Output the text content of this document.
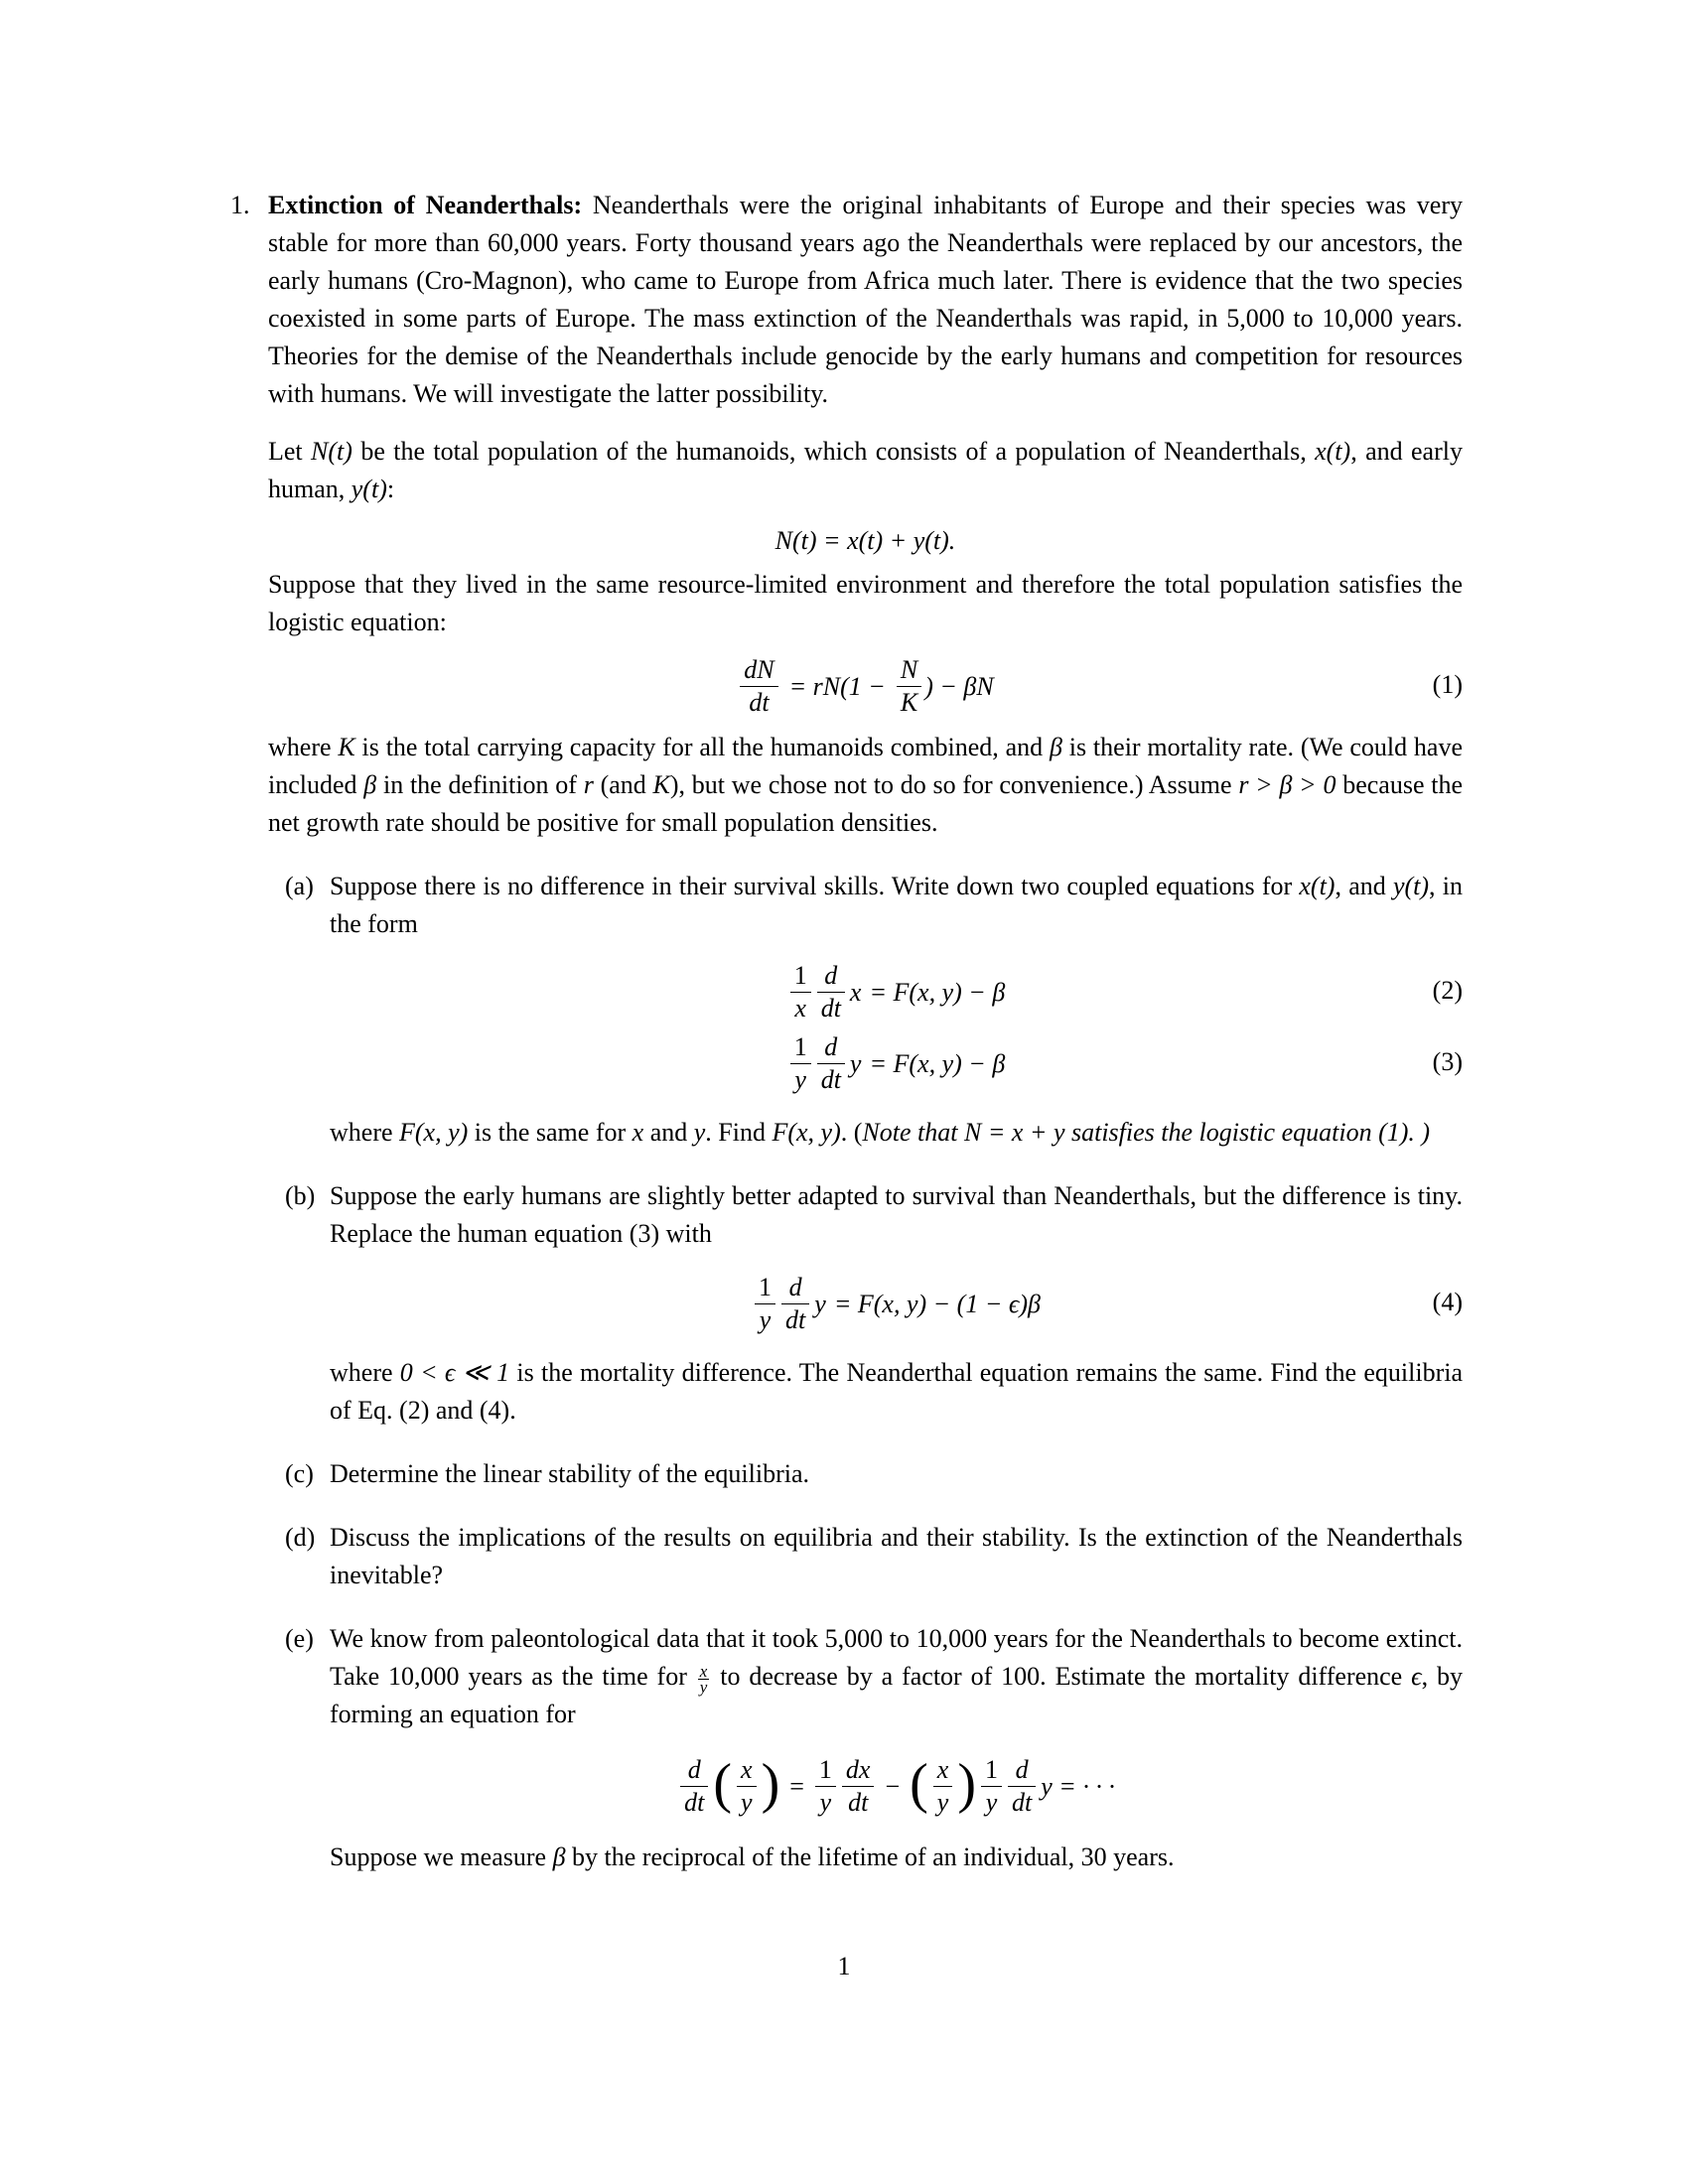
1. Extinction of Neanderthals: Neanderthals were the original inhabitants of Europe and their species was very stable for more than 60,000 years. Forty thousand years ago the Neanderthals were replaced by our ancestors, the early humans (Cro-Magnon), who came to Europe from Africa much later. There is evidence that the two species coexisted in some parts of Europe. The mass extinction of the Neanderthals was rapid, in 5,000 to 10,000 years. Theories for the demise of the Neanderthals include genocide by the early humans and competition for resources with humans. We will investigate the latter possibility.

Let N(t) be the total population of the humanoids, which consists of a population of Neanderthals, x(t), and early human, y(t):

N(t) = x(t) + y(t).

Suppose that they lived in the same resource-limited environment and therefore the total population satisfies the logistic equation:

$\frac{dN}{dt} = rN(1 - \frac{N}{K}$ ) − βN	(1)

where K is the total carrying capacity for all the humanoids combined, and β is their mortality rate. (We could have included β in the definition of r (and K), but we chose not to do so for convenience.) Assume r > β > 0 because the net growth rate should be positive for small population densities.

(a) Suppose there is no difference in their survival skills. Write down two coupled equations for x(t), and y(t), in the form

$\frac{1}{x} \frac{d}{dt}$ x = F(x, y) − β	(2)
$\frac{1}{y} \frac{d}{dt}$ y = F(x, y) − β	(3)

where F(x, y) is the same for x and y. Find F(x, y). (Note that N = x + y satisfies the logistic equation (1). )

(b) Suppose the early humans are slightly better adapted to survival than Neanderthals, but the difference is tiny. Replace the human equation (3) with

$\frac{1}{y} \frac{d}{dt}$ y = F(x, y) − (1 − ϵ)β	(4)

where 0 < ϵ ≪ 1 is the mortality difference. The Neanderthal equation remains the same. Find the equilibria of Eq. (2) and (4).

(c) Determine the linear stability of the equilibria.

(d) Discuss the implications of the results on equilibria and their stability. Is the extinction of the Neanderthals inevitable?

(e) We know from paleontological data that it took 5,000 to 10,000 years for the Neanderthals to become extinct. Take 10,000 years as the time for $\frac{x}{y}$ to decrease by a factor of 100. Estimate the mortality difference ϵ, by forming an equation for

$\frac{d}{dt}$ ( $\frac{x}{y}$ ) = $\frac{1}{y} \frac{dx}{dt}$ − ( $\frac{x}{y}$ ) $\frac{1}{y} \frac{d}{dt}$ y = · · ·

Suppose we measure β by the reciprocal of the lifetime of an individual, 30 years.

1
